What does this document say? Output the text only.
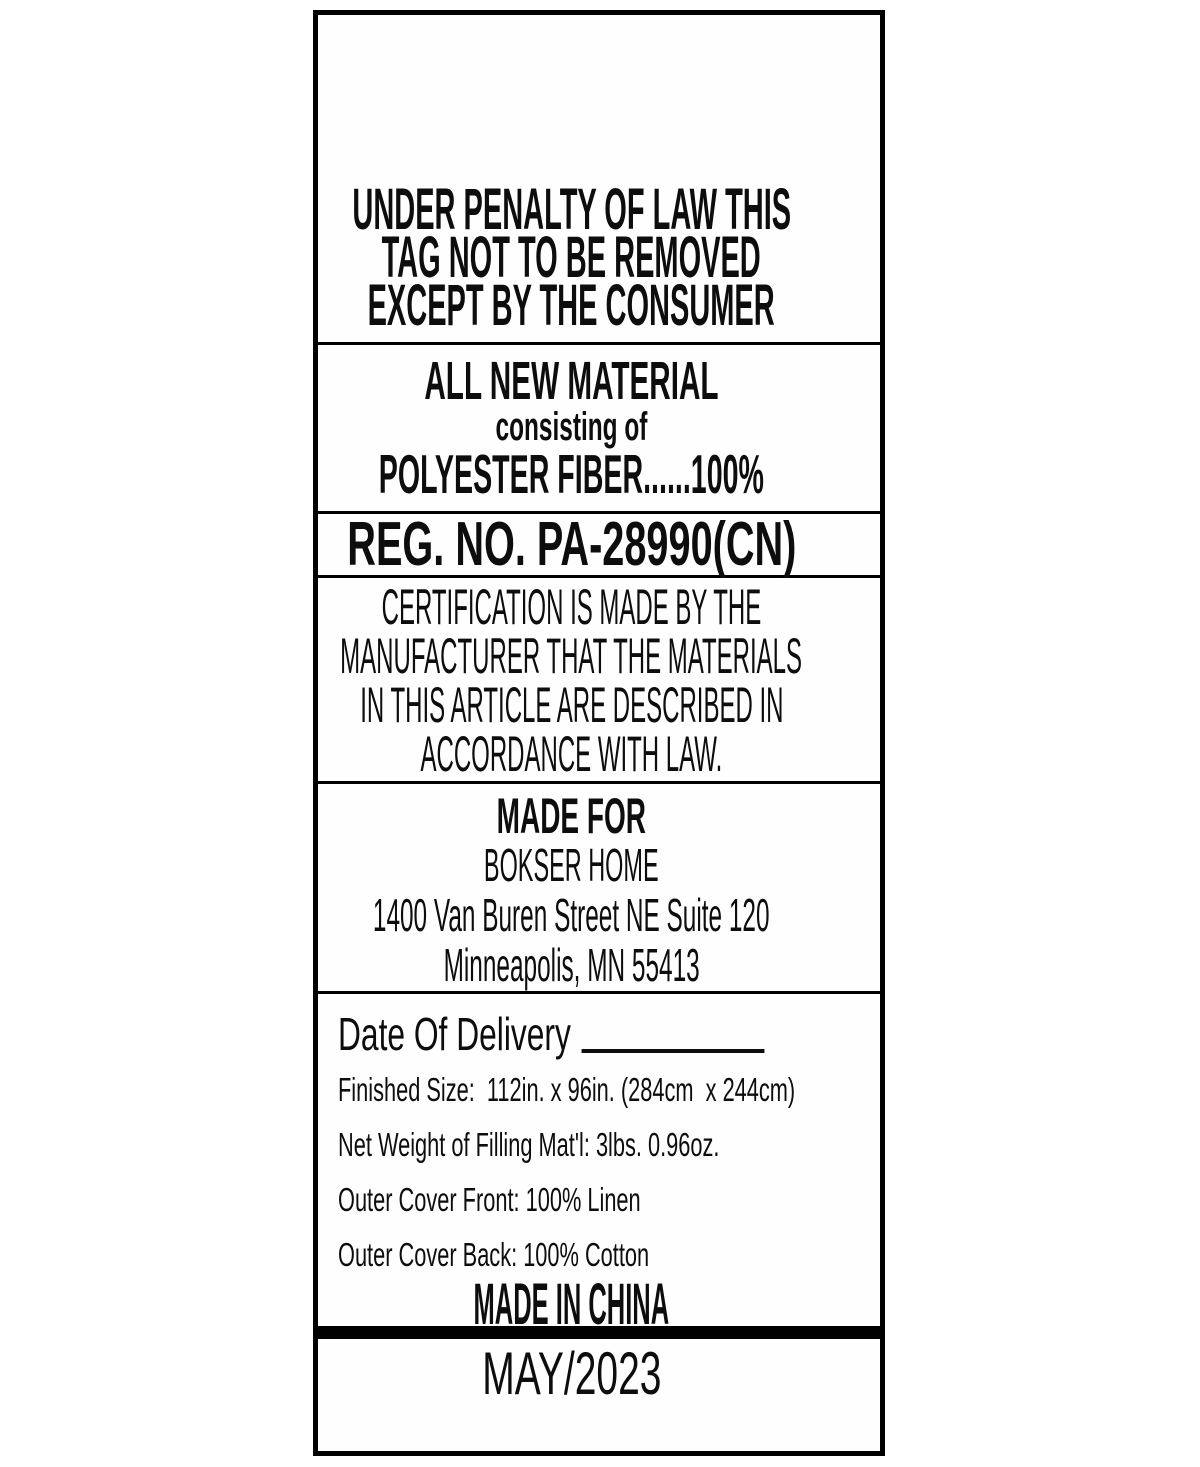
UNDER PENALTY OF LAW THIS
TAG NOT TO BE REMOVED
EXCEPT BY THE CONSUMER
ALL NEW MATERIAL
consisting of
POLYESTER FIBER......100%
REG. NO. PA-28990(CN)
CERTIFICATION IS MADE BY THE
MANUFACTURER THAT THE MATERIALS
IN THIS ARTICLE ARE DESCRIBED IN
ACCORDANCE WITH LAW.
MADE FOR
BOKSER HOME
1400 Van Buren Street NE Suite 120
Minneapolis, MN 55413
Date Of Delivery
Finished Size:  112in. x 96in. (284cm  x 244cm)
Net Weight of Filling Mat'l: 3lbs. 0.96oz.
Outer Cover Front: 100% Linen
Outer Cover Back: 100% Cotton
MADE IN CHINA
MAY/2023
